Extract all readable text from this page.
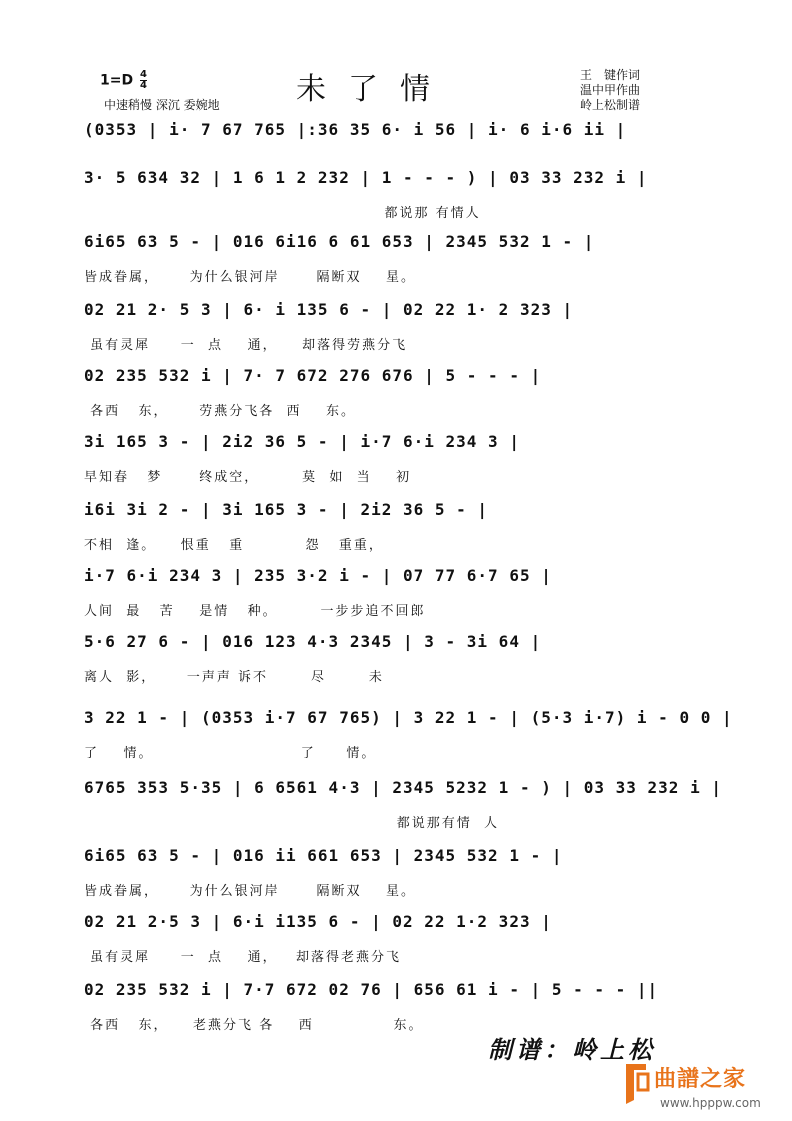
$1=D \frac{4}{4}$
中速稍慢 深沉 委婉地	未了情	王　键作词
温中甲作曲
岭上松制谱
(0353 | i· 7 67 765 |:36 35 6· i 56 | i· 6 i·6 ii |
3· 5 634 32 | 1 6 1 2 232 | 1 - - - ) | 03 33 232 i |
都说那 有情人
6i65 63 5 - | 016 6i16 6 61 653 | 2345 532 1 - |
皆成眷属，     为什么银河岸      隔断双    星。
02 21 2· 5 3 | 6· i 135 6 - | 02 22 1· 2 323 |
虽有灵犀     一  点    通，    却落得劳燕分飞
02 235 532 i | 7· 7 672 276 676 | 5 - - - |
各西   东，     劳燕分飞各  西    东。
3i 165 3 - | 2i2 36 5 - | i·7 6·i 234 3 |
早知春   梦      终成空，       莫  如  当    初
i6i 3i 2 - | 3i 165 3 - | 2i2 36 5 - |
不相  逢。    恨重   重          怨   重重，
i·7 6·i 234 3 | 235 3·2 i - | 07 77 6·7 65 |
人间  最   苦    是情   种。       一步步追不回郎
5·6 27 6 - | 016 123 4·3 2345 | 3 - 3i 64 |
离人  影，     一声声 诉不       尽       未
3 22 1 - | (0353 i·7 67 765) | 3 22 1 - | (5·3 i·7) i - 0 0 |
了    情。                        了     情。
6765 353 5·35 | 6 6561 4·3 | 2345 5232 1 - ) | 03 33 232 i |
都说那有情  人
6i65 63 5 - | 016 ii 661 653 | 2345 532 1 - |
皆成眷属，     为什么银河岸      隔断双    星。
02 21 2·5 3 | 6·i i135 6 - | 02 22 1·2 323 |
虽有灵犀     一  点    通，   却落得老燕分飞
02 235 532 i | 7·7 672 02 76 | 656 61 i - | 5 - - - ||
各西   东，    老燕分飞 各    西             东。
制谱：岭上松
曲譜之家
www.hpppw.com
